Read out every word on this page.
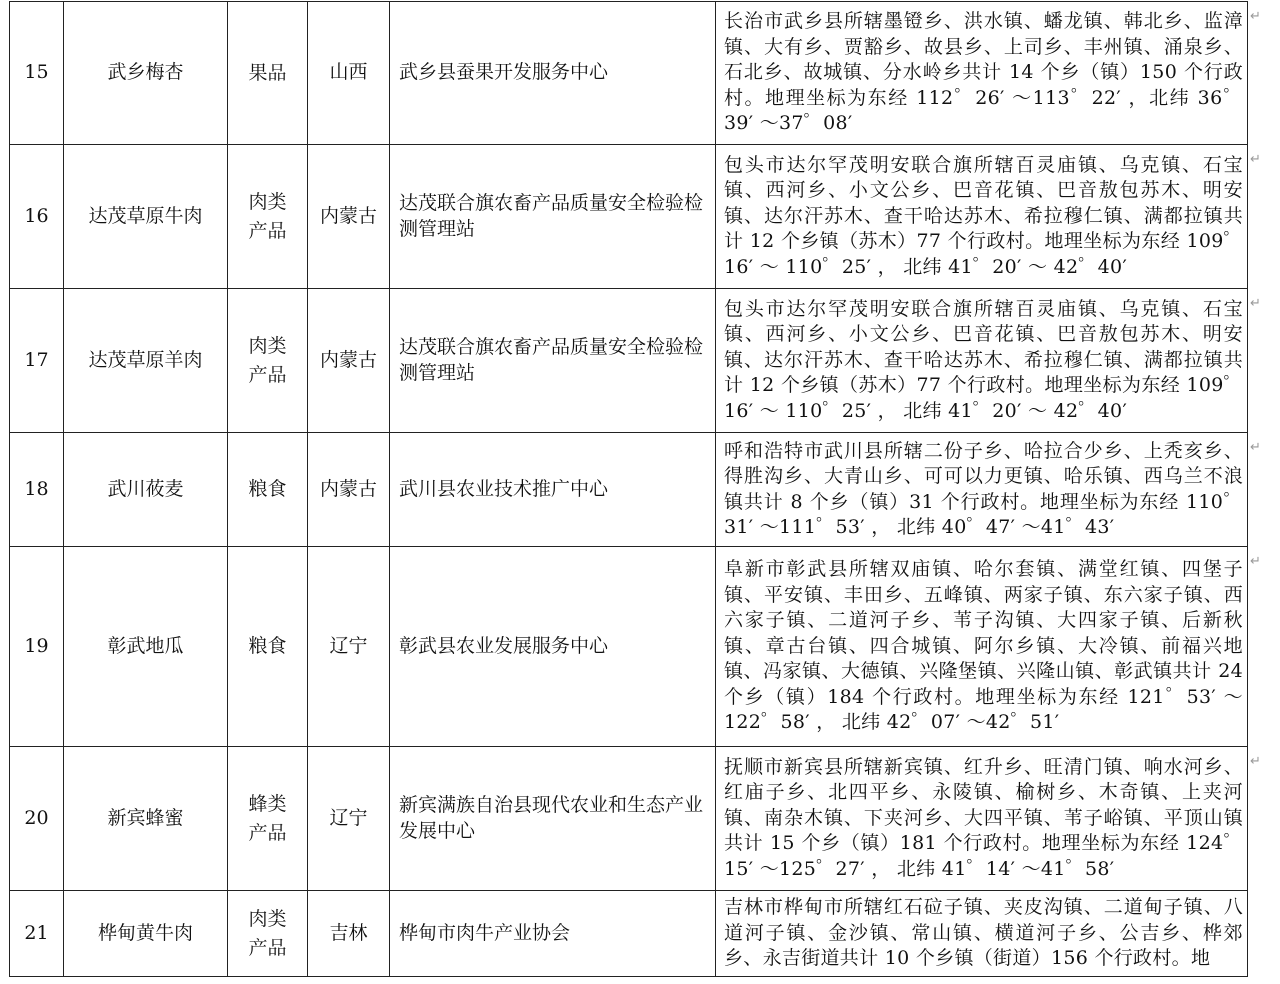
15	武乡梅杏	果品	山西	武乡县蚕果开发服务中心	长治市武乡县所辖墨镫乡、洪水镇、蟠龙镇、韩北乡、监漳镇、大有乡、贾豁乡、故县乡、上司乡、丰州镇、涌泉乡、石北乡、故城镇、分水岭乡共计 14 个乡（镇）150 个行政村。地理坐标为东经 112゜26′ ～113゜22′ ，北纬 36゜39′ ～37゜08′

16	达茂草原牛肉	肉类产品	内蒙古	达茂联合旗农畜产品质量安全检验检测管理站	包头市达尔罕茂明安联合旗所辖百灵庙镇、乌克镇、石宝镇、西河乡、小文公乡、巴音花镇、巴音敖包苏木、明安镇、达尔汗苏木、查干哈达苏木、希拉穆仁镇、满都拉镇共计 12 个乡镇（苏木）77 个行政村。地理坐标为东经 109゜16′ ～ 110゜25′ ， 北纬 41゜20′ ～ 42゜40′

17	达茂草原羊肉	肉类产品	内蒙古	达茂联合旗农畜产品质量安全检验检测管理站	包头市达尔罕茂明安联合旗所辖百灵庙镇、乌克镇、石宝镇、西河乡、小文公乡、巴音花镇、巴音敖包苏木、明安镇、达尔汗苏木、查干哈达苏木、希拉穆仁镇、满都拉镇共计 12 个乡镇（苏木）77 个行政村。地理坐标为东经 109゜16′ ～ 110゜25′ ， 北纬 41゜20′ ～ 42゜40′

18	武川莜麦	粮食	内蒙古	武川县农业技术推广中心	呼和浩特市武川县所辖二份子乡、哈拉合少乡、上秃亥乡、得胜沟乡、大青山乡、可可以力更镇、哈乐镇、西乌兰不浪镇共计 8 个乡（镇）31 个行政村。地理坐标为东经 110゜31′ ～111゜53′ ， 北纬 40゜47′ ～41゜43′

19	彰武地瓜	粮食	辽宁	彰武县农业发展服务中心	阜新市彰武县所辖双庙镇、哈尔套镇、满堂红镇、四堡子镇、平安镇、丰田乡、五峰镇、两家子镇、东六家子镇、西六家子镇、二道河子乡、苇子沟镇、大四家子镇、后新秋镇、章古台镇、四合城镇、阿尔乡镇、大冷镇、前福兴地镇、冯家镇、大德镇、兴隆堡镇、兴隆山镇、彰武镇共计 24 个乡（镇）184 个行政村。地理坐标为东经 121゜53′ ～122゜58′ ， 北纬 42゜07′ ～42゜51′

20	新宾蜂蜜	蜂类产品	辽宁	新宾满族自治县现代农业和生态产业发展中心	抚顺市新宾县所辖新宾镇、红升乡、旺清门镇、响水河乡、红庙子乡、北四平乡、永陵镇、榆树乡、木奇镇、上夹河镇、南杂木镇、下夹河乡、大四平镇、苇子峪镇、平顶山镇共计 15 个乡（镇）181 个行政村。地理坐标为东经 124゜15′ ～125゜27′ ， 北纬 41゜14′ ～41゜58′

21	桦甸黄牛肉	肉类产品	吉林	桦甸市肉牛产业协会	吉林市桦甸市所辖红石砬子镇、夹皮沟镇、二道甸子镇、八道河子镇、金沙镇、常山镇、横道河子乡、公吉乡、桦郊乡、永吉街道共计 10 个乡镇（街道）156 个行政村。地
↵
↵
↵
↵
↵
↵
